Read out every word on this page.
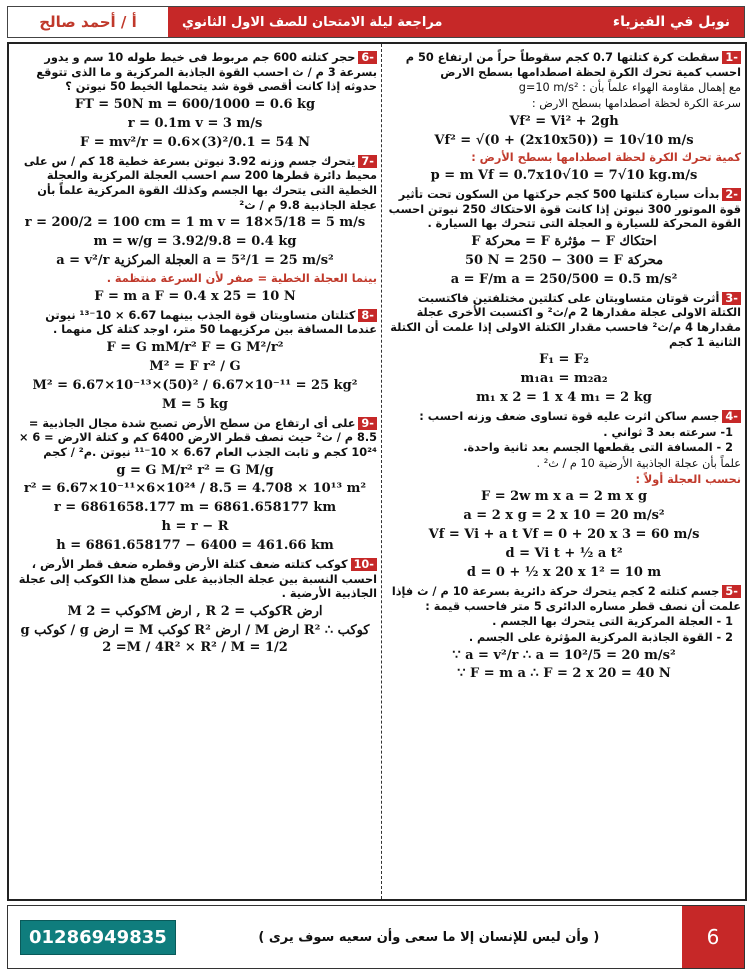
أ / أحمد صالح	نوبل في الفيزياء
مراجعة ليلة الامتحان للصف الاول الثانوي

-1سقطت كرة كتلتها 0.7 كجم سقوطاً حراً من ارتفاع 50 م احسب كمية تحرك الكرة لحظة اصطدامها بسطح الارض

مع إهمال مقاومة الهواء علماً بأن : g=10 m/s²

سرعة الكرة لحظة اصطدامها بسطح الارض :

Vf² = Vi² + 2gh

Vf² = √(0 + (2x10x50)) = 10√10 m/s

كمية تحرك الكرة لحظة اصطدامها بسطح الأرض :

p = m Vf = 0.7x10√10 = 7√10 kg.m/s

-2بدأت سيارة كتلتها 500 كجم حركتها من السكون تحت تأثير قوة الموتور 300 نيوتن إذا كانت قوة الاحتكاك 250 نيوتن احسب القوة المحركة للسيارة و العجلة التى تتحرك بها السيارة .

F محركة = F مؤثرة − F احتكاك

50 N = 250 − 300 = F محركة

a = F/m a = 250/500 = 0.5 m/s²

-3أثرت قوتان متساويتان على كتلتين مختلفتين فاكتسبت الكتلة الاولى عجلة مقدارها 2 م/ث² و اكتسبت الأخرى عجلة مقدارها 4 م/ث² فاحسب مقدار الكتلة الاولى إذا علمت أن الكتلة الثانية 1 كجم

F₁ = F₂

m₁a₁ = m₂a₂

m₁ x 2 = 1 x 4 m₁ = 2 kg

-4جسم ساكن اثرت عليه قوة تساوى ضعف وزنه احسب :

1- سرعته بعد 3 ثواني .

2 - المسافة التى يقطعها الجسم بعد ثانية واحدة.

علماً بأن عجلة الجاذبية الأرضية 10 م / ث² .

نحسب العجلة أولاً :

F = 2w m x a = 2 m x g

a = 2 x g = 2 x 10 = 20 m/s²

Vf = Vi + a t Vf = 0 + 20 x 3 = 60 m/s

d = Vi t + ½ a t²

d = 0 + ½ x 20 x 1² = 10 m

-5جسم كتلته 2 كجم يتحرك حركة دائرية بسرعة 10 م / ث فإذا علمت أن نصف قطر مساره الدائرى 5 متر فاحسب قيمة :

1 - العجلة المركزية التى يتحرك بها الجسم .

2 - القوة الجاذبة المركزية المؤثرة على الجسم .

∵ a = v²/r ∴ a = 10²/5 = 20 m/s²

∵ F = m a ∴ F = 2 x 20 = 40 N

-6حجر كتلته 600 جم مربوط فى خيط طوله 10 سم و يدور بسرعة 3 م / ث احسب القوة الجاذبة المركزية و ما الذى تتوقع حدوثه إذا كانت أقصى قوة شد يتحملها الخيط 50 نيوتن ؟

FT = 50N m = 600/1000 = 0.6 kg

r = 0.1m v = 3 m/s

F = mv²/r = 0.6×(3)²/0.1 = 54 N

-7يتحرك جسم وزنه 3.92 نيوتن بسرعة خطية 18 كم / س على محيط دائرة قطرها 200 سم احسب العجلة المركزية والعجلة الخطية التى يتحرك بها الجسم وكذلك القوة المركزية علماً بأن عجلة الجاذبية 9.8 م / ث²

r = 200/2 = 100 cm = 1 m v = 18×5/18 = 5 m/s

m = w/g = 3.92/9.8 = 0.4 kg

a = v²/r العجلة المركزية a = 5²/1 = 25 m/s²

بينما العجلة الخطية = صفر لأن السرعة منتظمة .

F = m a F = 0.4 x 25 = 10 N

-8كتلتان متساويتان قوة الجذب بينهما 6.67 × 10⁻¹³ نيوتن عندما المسافة بين مركزيهما 50 متر، اوجد كتلة كل منهما .

F = G mM/r² F = G M²/r²

M² = F r² / G

M² = 6.67×10⁻¹³×(50)² / 6.67×10⁻¹¹ = 25 kg²

M = 5 kg

-9على أى ارتفاع من سطح الأرض تصبح شدة مجال الجاذبية = 8.5 م / ث² حيث نصف قطر الارض 6400 كم و كتلة الارض = 6 × 10²⁴ كجم و ثابت الجذب العام 6.67 × 10⁻¹¹ نيوتن .م² / كجم

g = G M/r² r² = G M/g

r² = 6.67×10⁻¹¹×6×10²⁴ / 8.5 = 4.708 × 10¹³ m²

r = 6861658.177 m = 6861.658177 km

h = r − R

h = 6861.658177 − 6400 = 461.66 km

-10كوكب كتلته ضعف كتلة الأرض وقطره ضعف قطر الأرض ، احسب النسبة بين عجلة الجاذبية على سطح هذا الكوكب إلى عجلة الجاذبية الأرضية .

M كوكب = 2M ارض , R كوكب = 2R ارض

g كوكب / g ارض = M كوكب R² ارض / M ارض R² كوكب ∴ = 2M / 4R² × R² / M = 1/2

01286949835	( وأن ليس للإنسان إلا ما سعى وأن سعيه سوف يرى )	6
